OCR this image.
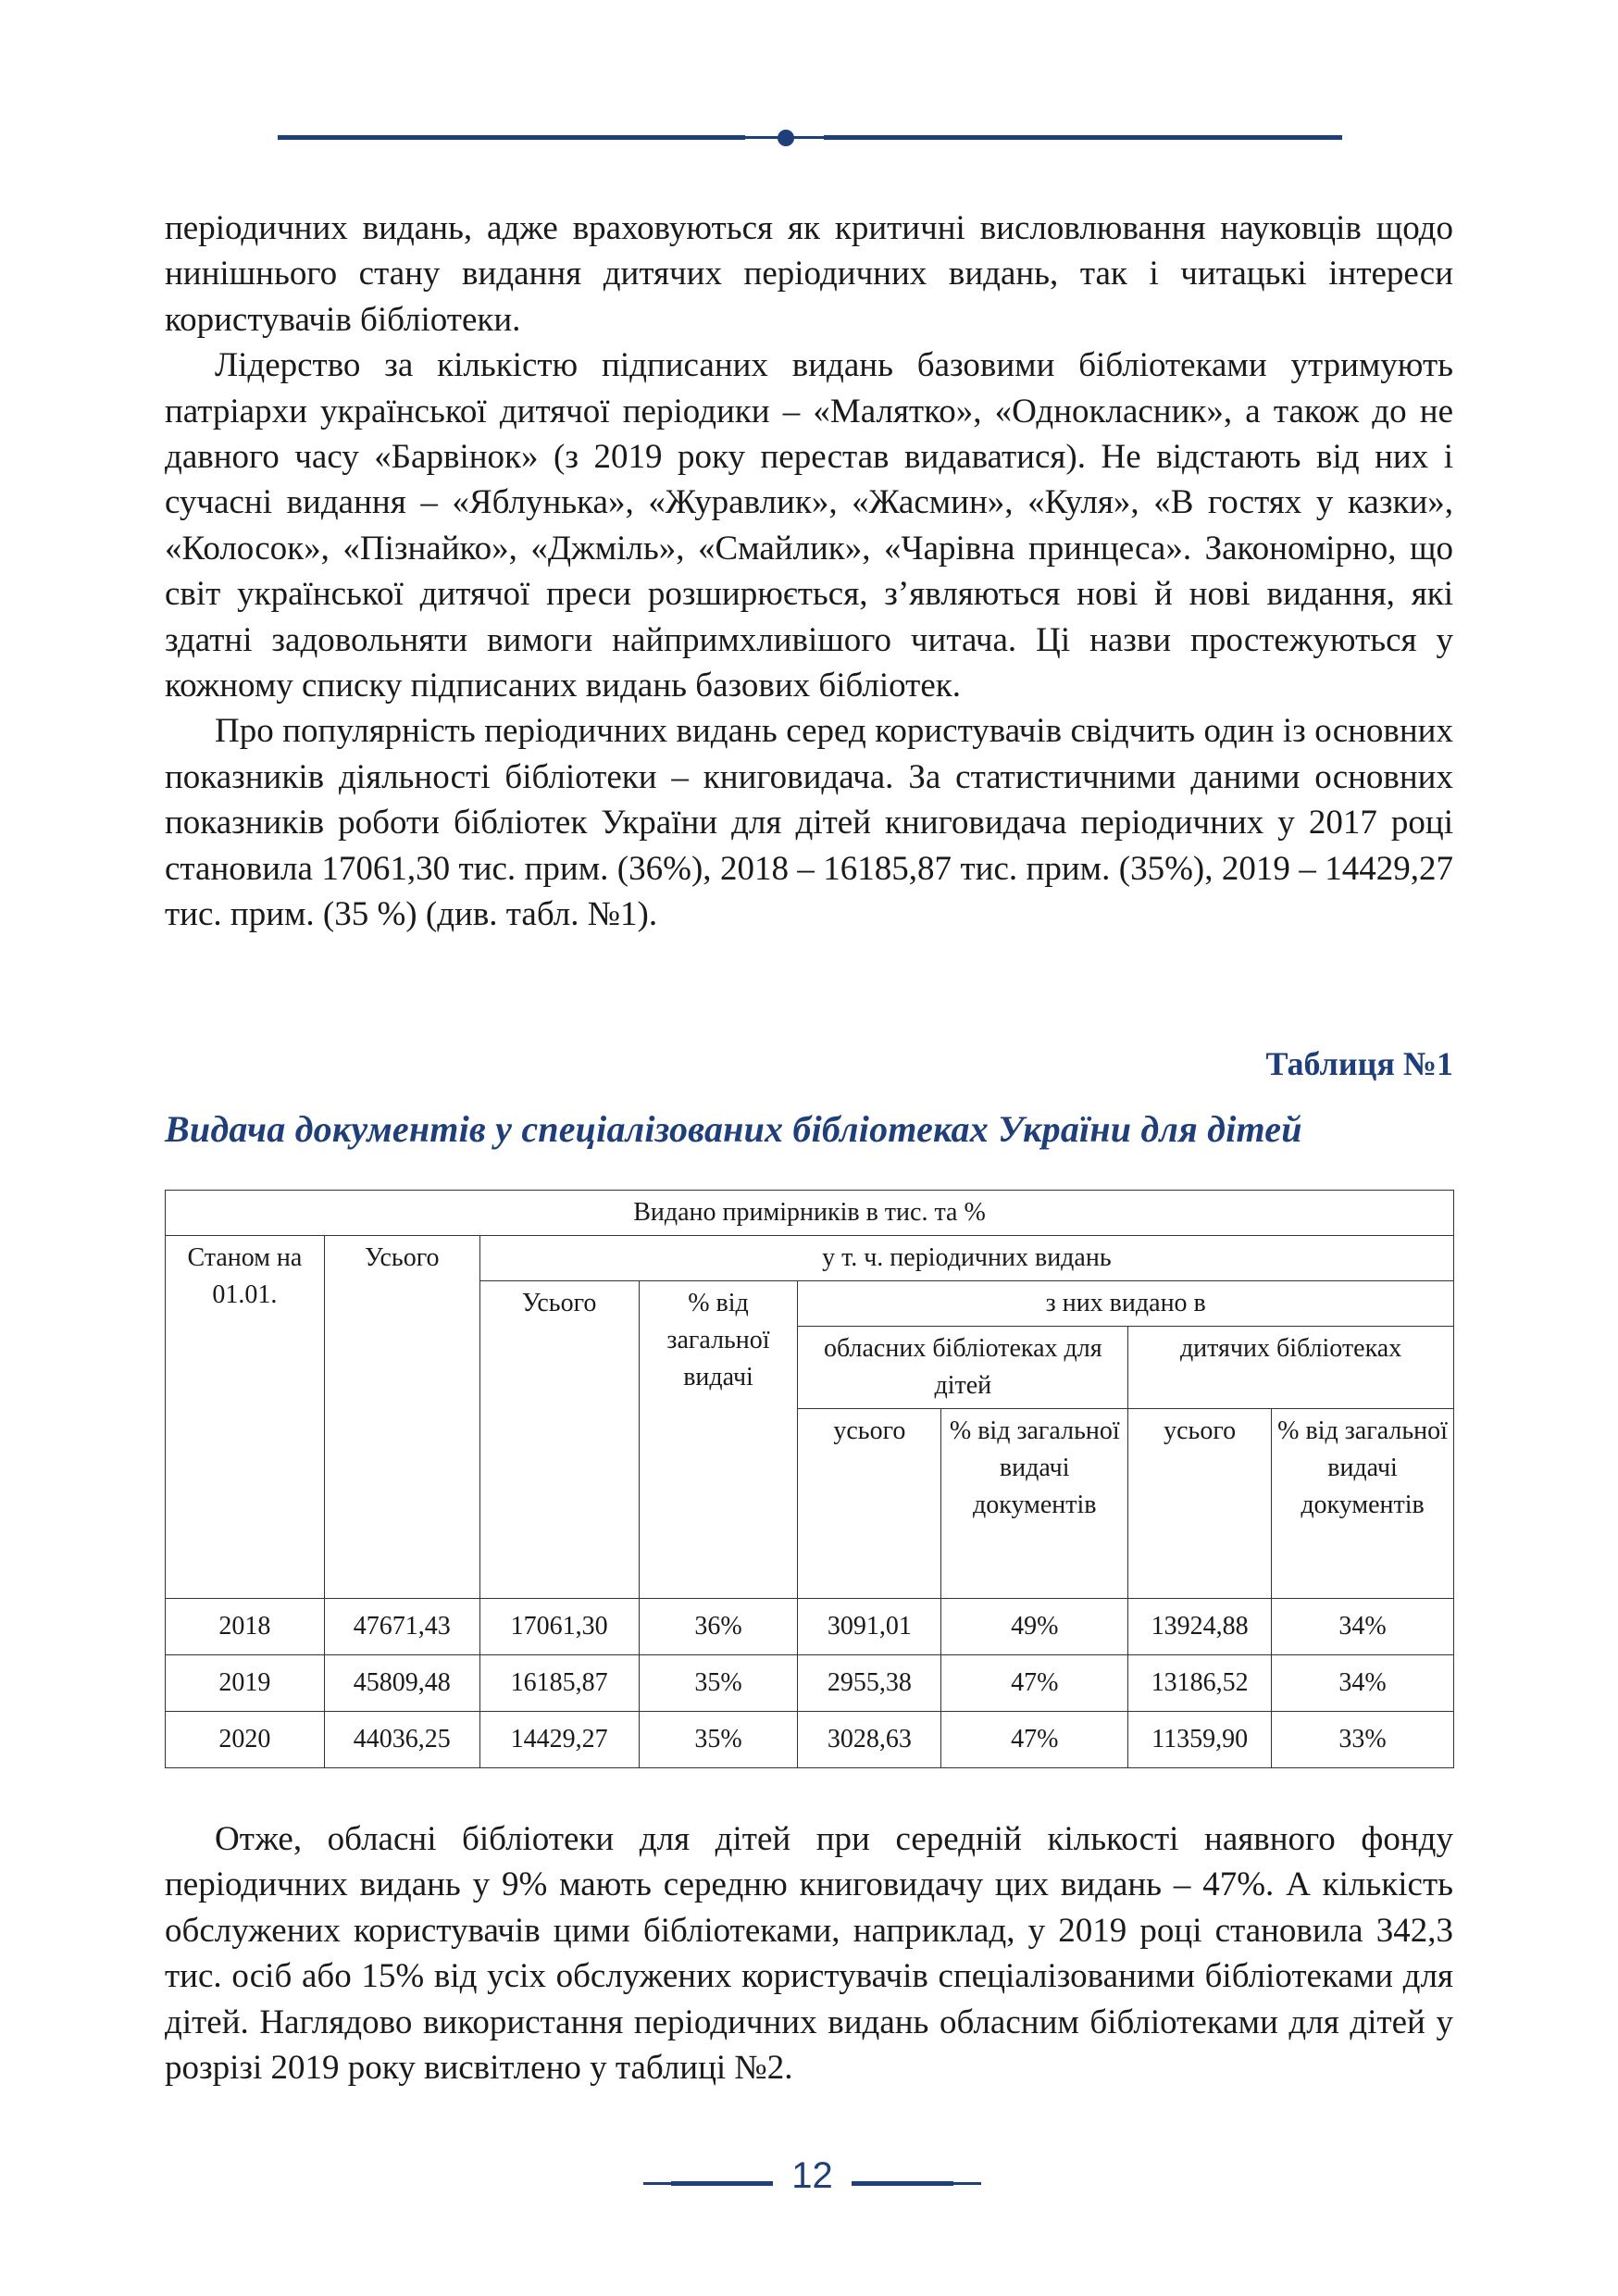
періодичних видань, адже враховуються як критичні висловлювання науковців щодо нинішнього стану видання дитячих періодичних видань, так і читацькі інтереси користувачів бібліотеки.

Лідерство за кількістю підписаних видань базовими бібліотеками утримують патріархи української дитячої періодики – «Малятко», «Однокласник», а також до не давного часу «Барвінок» (з 2019 року перестав видаватися). Не відстають від них і сучасні видання – «Яблунька», «Журавлик», «Жасмин», «Куля», «В гостях у казки», «Колосок», «Пізнайко», «Джміль», «Смайлик», «Чарівна принцеса». Закономірно, що світ української дитячої преси розширюється, з’являються нові й нові видання, які здатні задовольняти вимоги найпримхливішого читача. Ці назви простежуються у кожному списку підписаних видань базових бібліотек.

Про популярність періодичних видань серед користувачів свідчить один із основних показників діяльності бібліотеки – книговидача. За статистичними даними основних показників роботи бібліотек України для дітей книговидача періодичних у 2017 році становила 17061,30 тис. прим. (36%), 2018 – 16185,87 тис. прим. (35%), 2019 – 14429,27 тис. прим. (35 %) (див. табл. №1).

Таблиця №1
Видача документів у спеціалізованих бібліотеках України для дітей
Видано примірників в тис. та %							
Станом на 01.01.	Усього	у т. ч. періодичних видань					
		Усього	% від загальної видачі	з них видано в			
				обласних бібліотеках для дітей		дитячих бібліотеках	
				усього	% від загальної видачі документів	усього	% від загальної видачі документів

2018	47671,43	17061,30	36%	3091,01	49%	13924,88	34%
2019	45809,48	16185,87	35%	2955,38	47%	13186,52	34%
2020	44036,25	14429,27	35%	3028,63	47%	11359,90	33%

Отже, обласні бібліотеки для дітей при середній кількості наявного фонду періодичних видань у 9% мають середню книговидачу цих видань – 47%. А кількість обслужених користувачів цими бібліотеками, наприклад, у 2019 році становила 342,3 тис. осіб або 15% від усіх обслужених користувачів спеціалізованими бібліотеками для дітей. Наглядово використання періодичних видань обласним бібліотеками для дітей у розрізі 2019 року висвітлено у таблиці №2.

12
